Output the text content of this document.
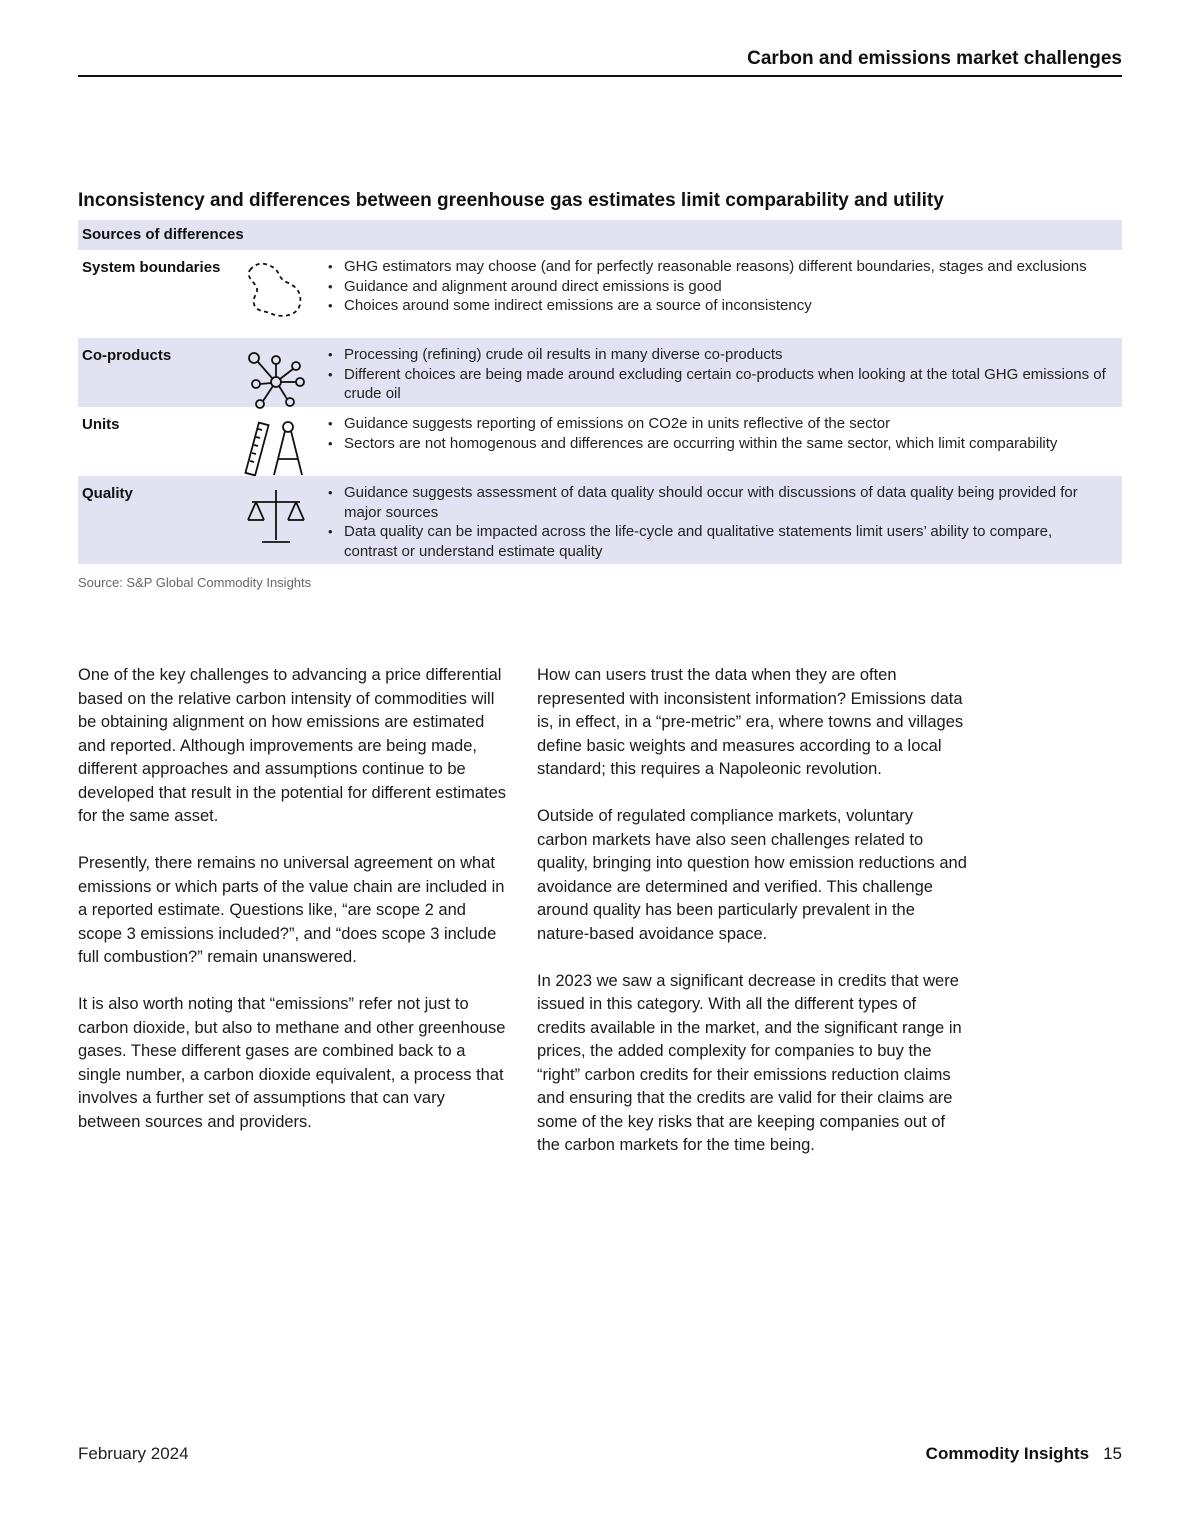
Carbon and emissions market challenges
Inconsistency and differences between greenhouse gas estimates limit comparability and utility
Sources of differences
System boundaries	• GHG estimators may choose (and for perfectly reasonable reasons) different boundaries, stages and exclusions
• Guidance and alignment around direct emissions is good
• Choices around some indirect emissions are a source of inconsistency
Co-products	• Processing (refining) crude oil results in many diverse co-products
• Different choices are being made around excluding certain co-products when looking at the total GHG emissions of crude oil
Units	• Guidance suggests reporting of emissions on CO2e in units reflective of the sector
• Sectors are not homogenous and differences are occurring within the same sector, which limit comparability
Quality	• Guidance suggests assessment of data quality should occur with discussions of data quality being provided for major sources
• Data quality can be impacted across the life-cycle and qualitative statements limit users’ ability to compare, contrast or understand estimate quality
Source: S&P Global Commodity Insights

One of the key challenges to advancing a price differential based on the relative carbon intensity of commodities will be obtaining alignment on how emissions are estimated and reported. Although improvements are being made, different approaches and assumptions continue to be developed that result in the potential for different estimates for the same asset.

Presently, there remains no universal agreement on what emissions or which parts of the value chain are included in a reported estimate. Questions like, “are scope 2 and scope 3 emissions included?”, and “does scope 3 include full combustion?” remain unanswered.

It is also worth noting that “emissions” refer not just to carbon dioxide, but also to methane and other greenhouse gases. These different gases are combined back to a single number, a carbon dioxide equivalent, a process that involves a further set of assumptions that can vary between sources and providers.

How can users trust the data when they are often represented with inconsistent information? Emissions data is, in effect, in a “pre-metric” era, where towns and villages define basic weights and measures according to a local standard; this requires a Napoleonic revolution.

Outside of regulated compliance markets, voluntary carbon markets have also seen challenges related to quality, bringing into question how emission reductions and avoidance are determined and verified. This challenge around quality has been particularly prevalent in the nature-based avoidance space.

In 2023 we saw a significant decrease in credits that were issued in this category. With all the different types of credits available in the market, and the significant range in prices, the added complexity for companies to buy the “right” carbon credits for their emissions reduction claims and ensuring that the credits are valid for their claims are some of the key risks that are keeping companies out of the carbon markets for the time being.

February 2024	Commodity Insights 15
